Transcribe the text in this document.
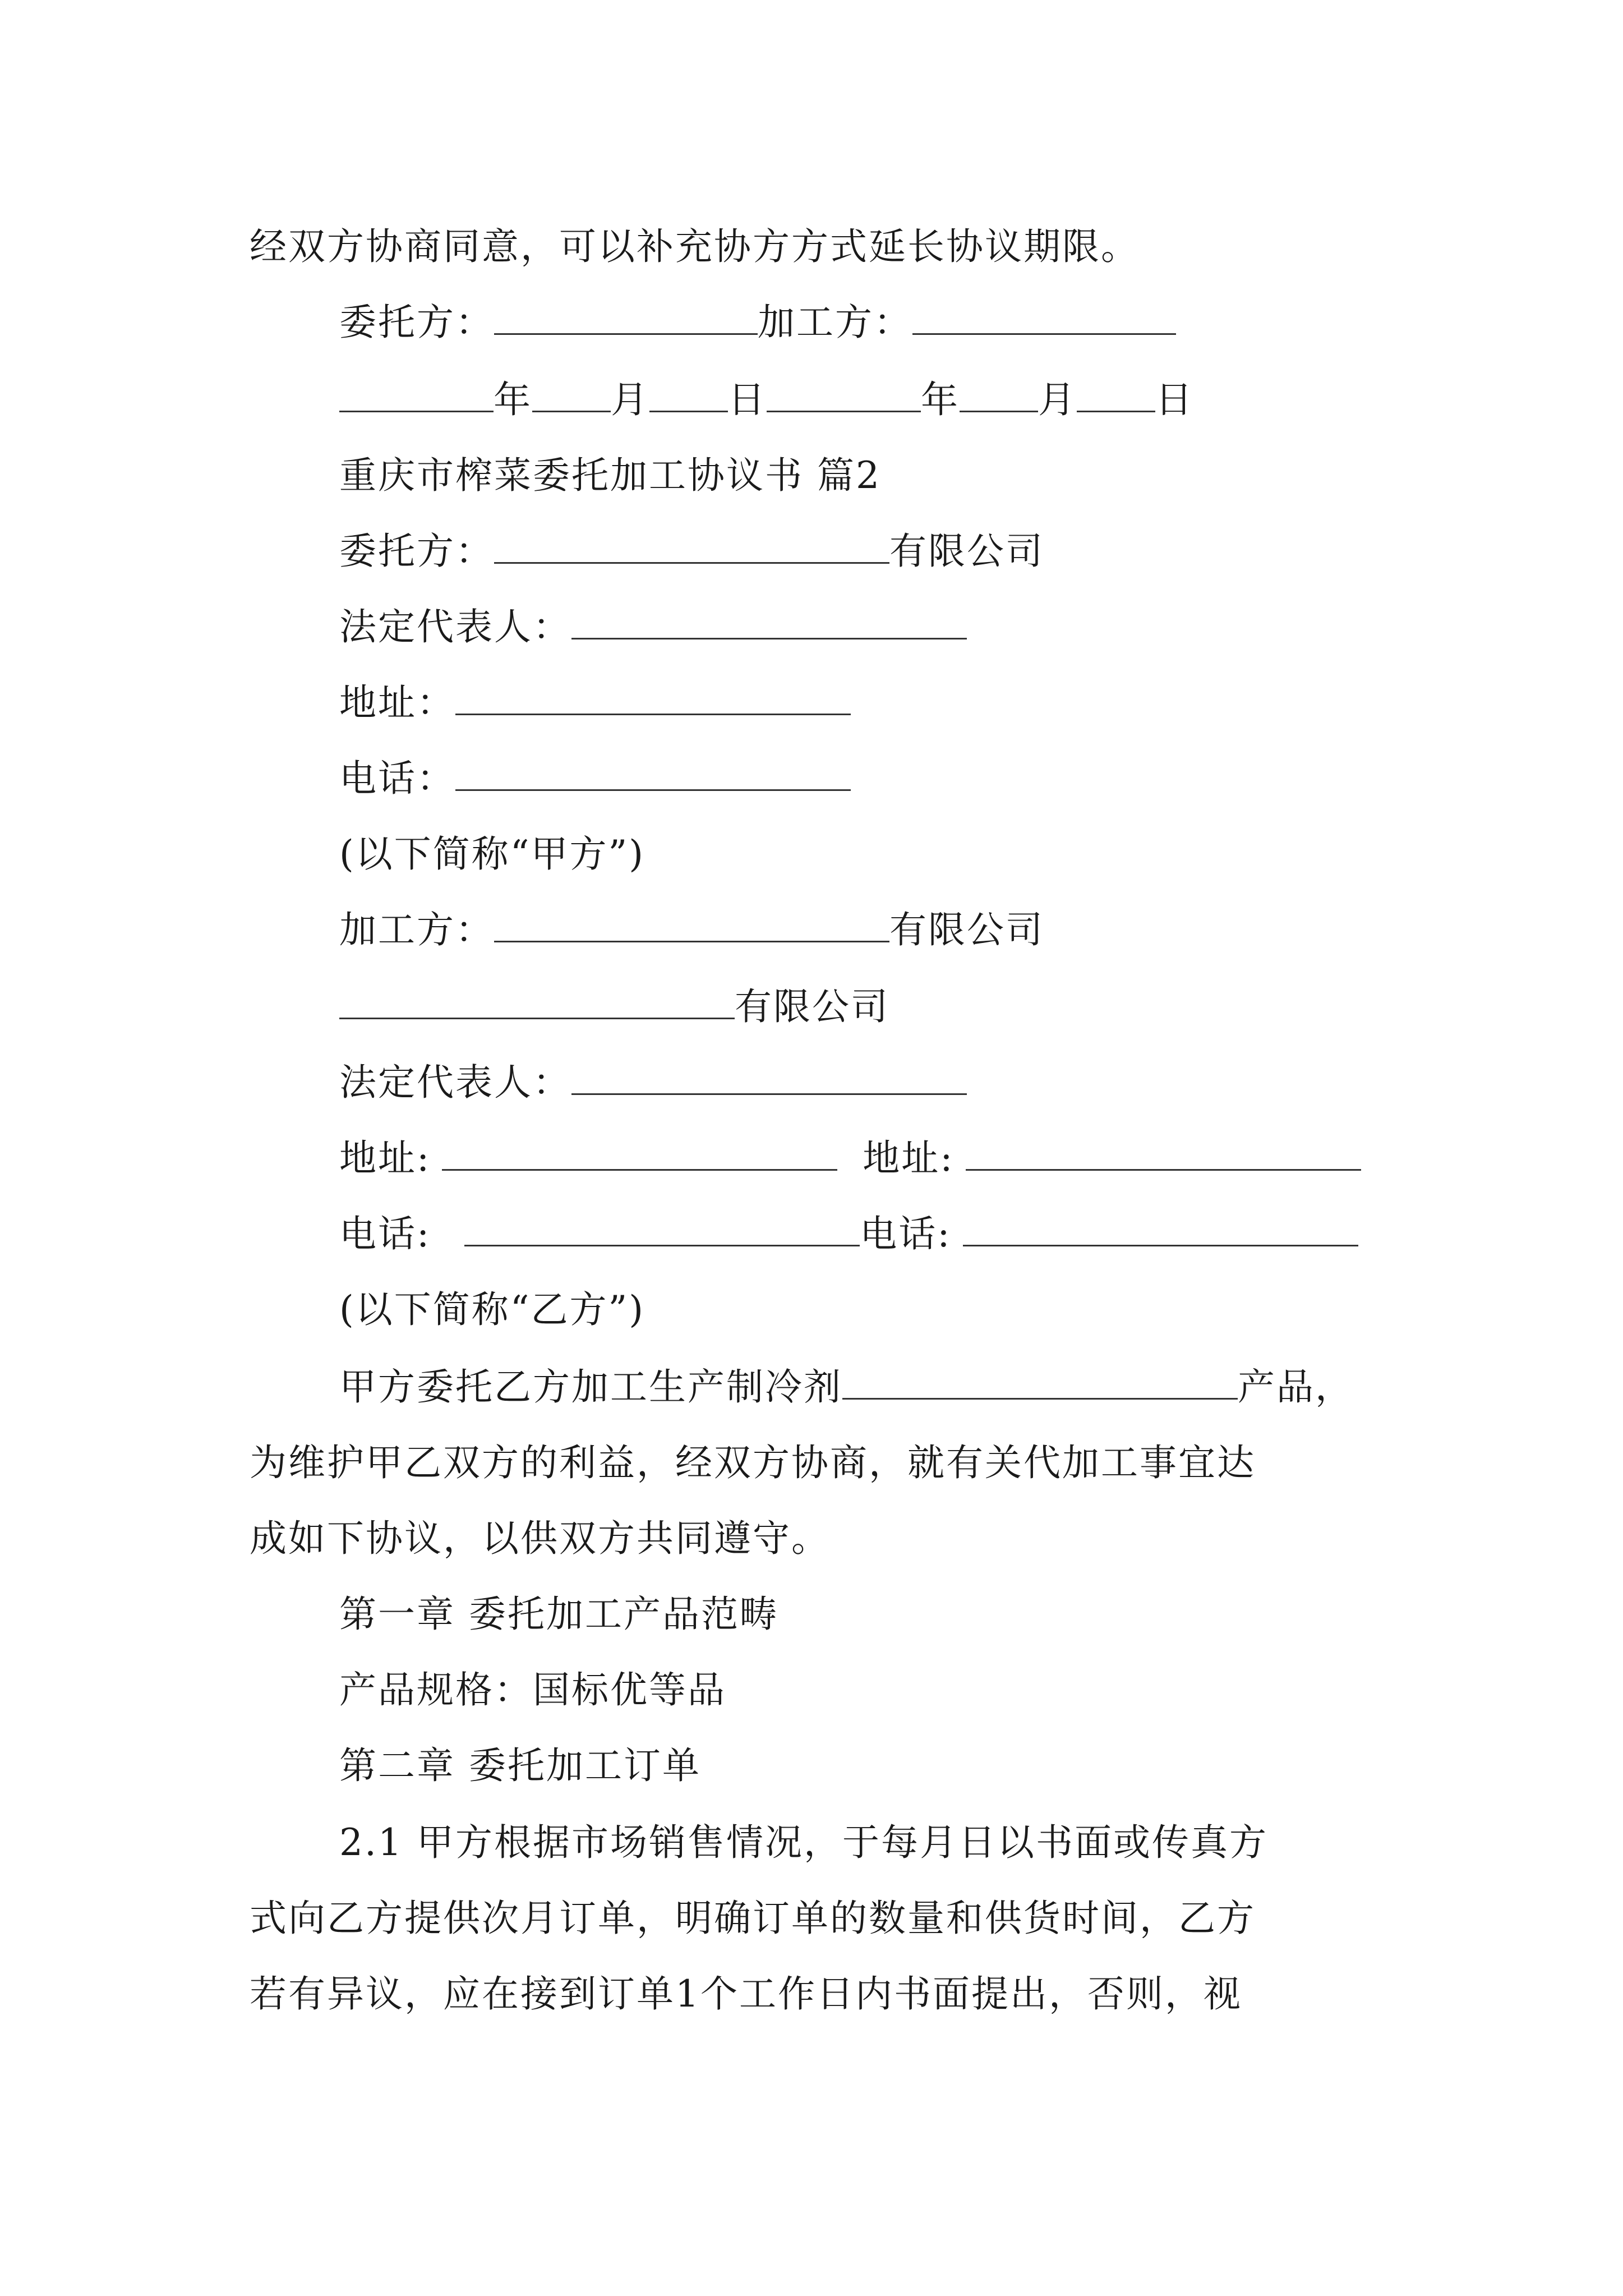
经双方协商同意，可以补充协方方式延长协议期限。
委托方：	加工方：
年 月 日	年 月 日
重庆市榨菜委托加工协议书 篇2
委托方：	有限公司
法定代表人：
地址：
电话：
(以下简称“甲方”)
加工方：	有限公司
有限公司
法定代表人：
地址:	地址:
电话:	电话:
(以下简称“乙方”)
甲方委托乙方加工生产制冷剂	产品，
为维护甲乙双方的利益，经双方协商，就有关代加工事宜达
成如下协议，以供双方共同遵守。
第一章 委托加工产品范畴
产品规格：国标优等品
第二章 委托加工订单
2.1 甲方根据市场销售情况，于每月日以书面或传真方
式向乙方提供次月订单，明确订单的数量和供货时间，乙方
若有异议，应在接到订单1个工作日内书面提出，否则，视
